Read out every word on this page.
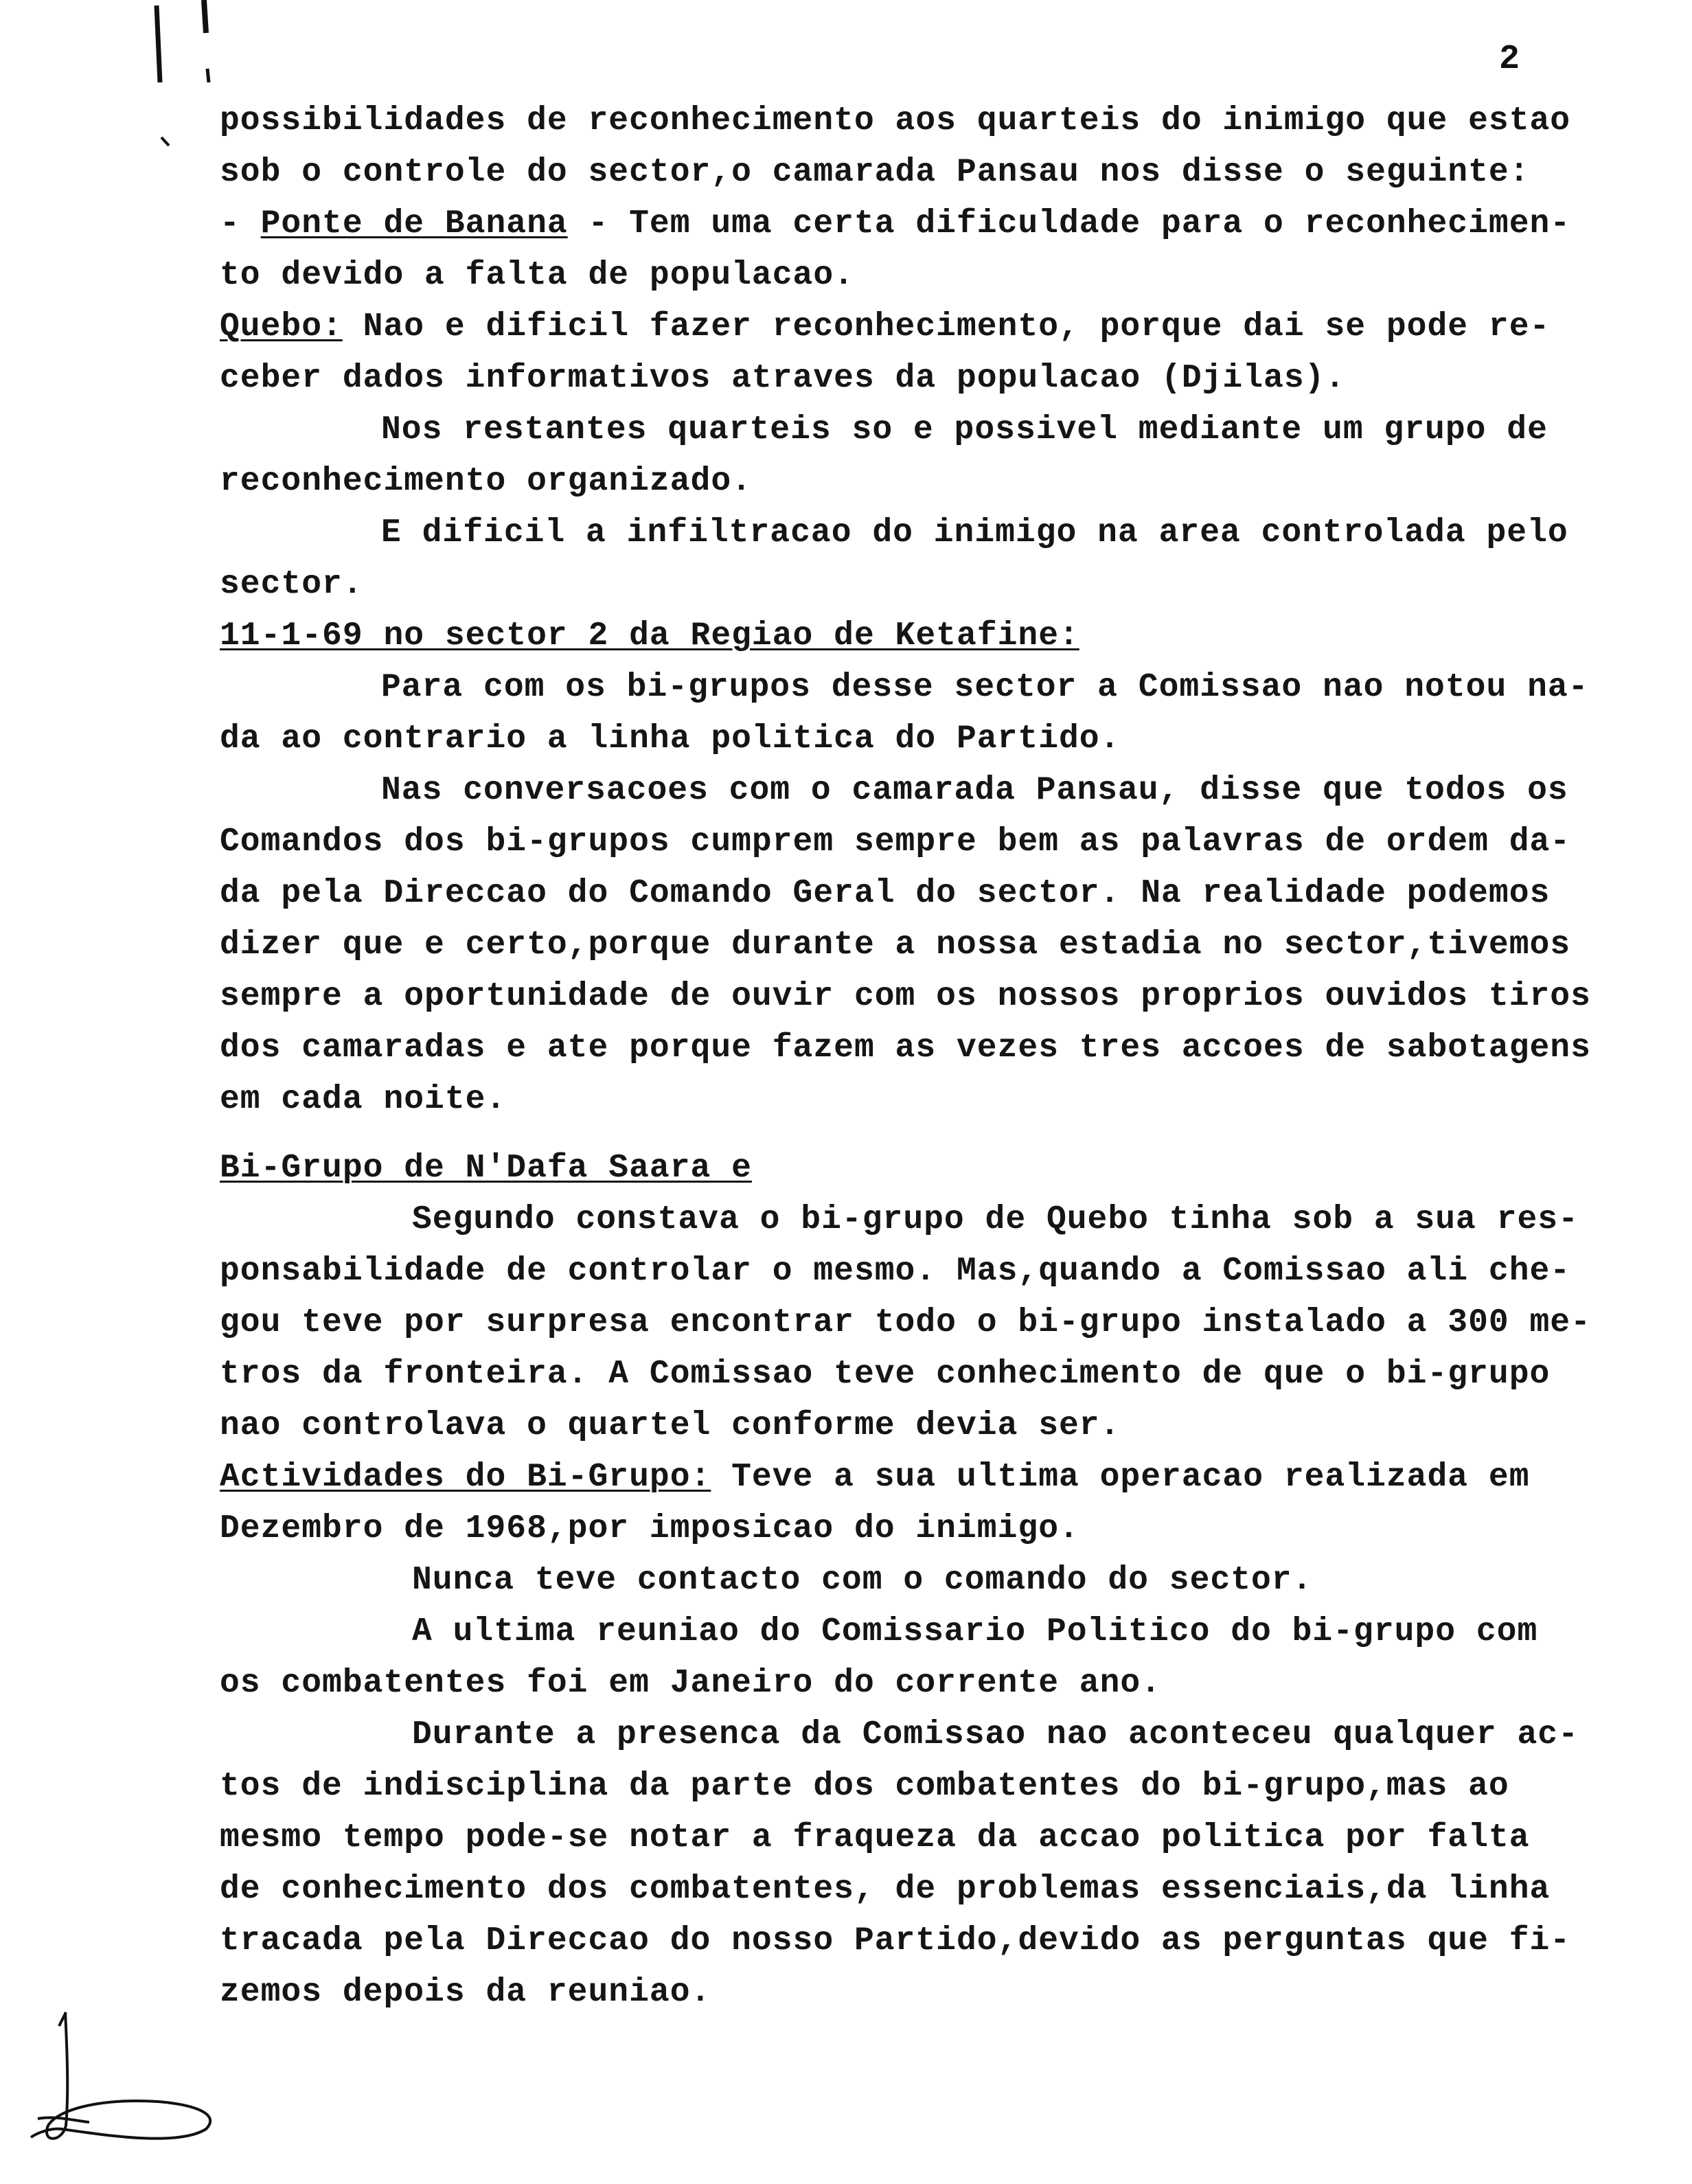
2

possibilidades de reconhecimento aos quarteis do inimigo que estao

sob o controle do sector,o camarada Pansau nos disse o seguinte:

- Ponte de Banana - Tem uma certa dificuldade para o reconhecimen-

to devido a falta de populacao.

Quebo: Nao e dificil fazer reconhecimento, porque dai se pode re-

ceber dados informativos atraves da populacao (Djilas).

Nos restantes quarteis so e possivel mediante um grupo de

reconhecimento organizado.

E dificil a infiltracao do inimigo na area controlada pelo

sector.

11-1-69 no sector 2 da Regiao de Ketafine:

Para com os bi-grupos desse sector a Comissao nao notou na-

da ao contrario a linha politica do Partido.

Nas conversacoes com o camarada Pansau, disse que todos os

Comandos dos bi-grupos cumprem sempre bem as palavras de ordem da-

da pela Direccao do Comando Geral do sector. Na realidade podemos

dizer que e certo,porque durante a nossa estadia no sector,tivemos

sempre a oportunidade de ouvir com os nossos proprios ouvidos tiros

dos camaradas e ate porque fazem as vezes tres accoes de sabotagens

em cada noite.

Bi-Grupo de N'Dafa Saara e

Segundo constava o bi-grupo de Quebo tinha sob a sua res-

ponsabilidade de controlar o mesmo. Mas,quando a Comissao ali che-

gou teve por surpresa encontrar todo o bi-grupo instalado a 300 me-

tros da fronteira. A Comissao teve conhecimento de que o bi-grupo

nao controlava o quartel conforme devia ser.

Actividades do Bi-Grupo: Teve a sua ultima operacao realizada em

Dezembro de 1968,por imposicao do inimigo.

Nunca teve contacto com o comando do sector.

A ultima reuniao do Comissario Politico do bi-grupo com

os combatentes foi em Janeiro do corrente ano.

Durante a presenca da Comissao nao aconteceu qualquer ac-

tos de indisciplina da parte dos combatentes do bi-grupo,mas ao

mesmo tempo pode-se notar a fraqueza da accao politica por falta

de conhecimento dos combatentes, de problemas essenciais,da linha

tracada pela Direccao do nosso Partido,devido as perguntas que fi-

zemos depois da reuniao.
